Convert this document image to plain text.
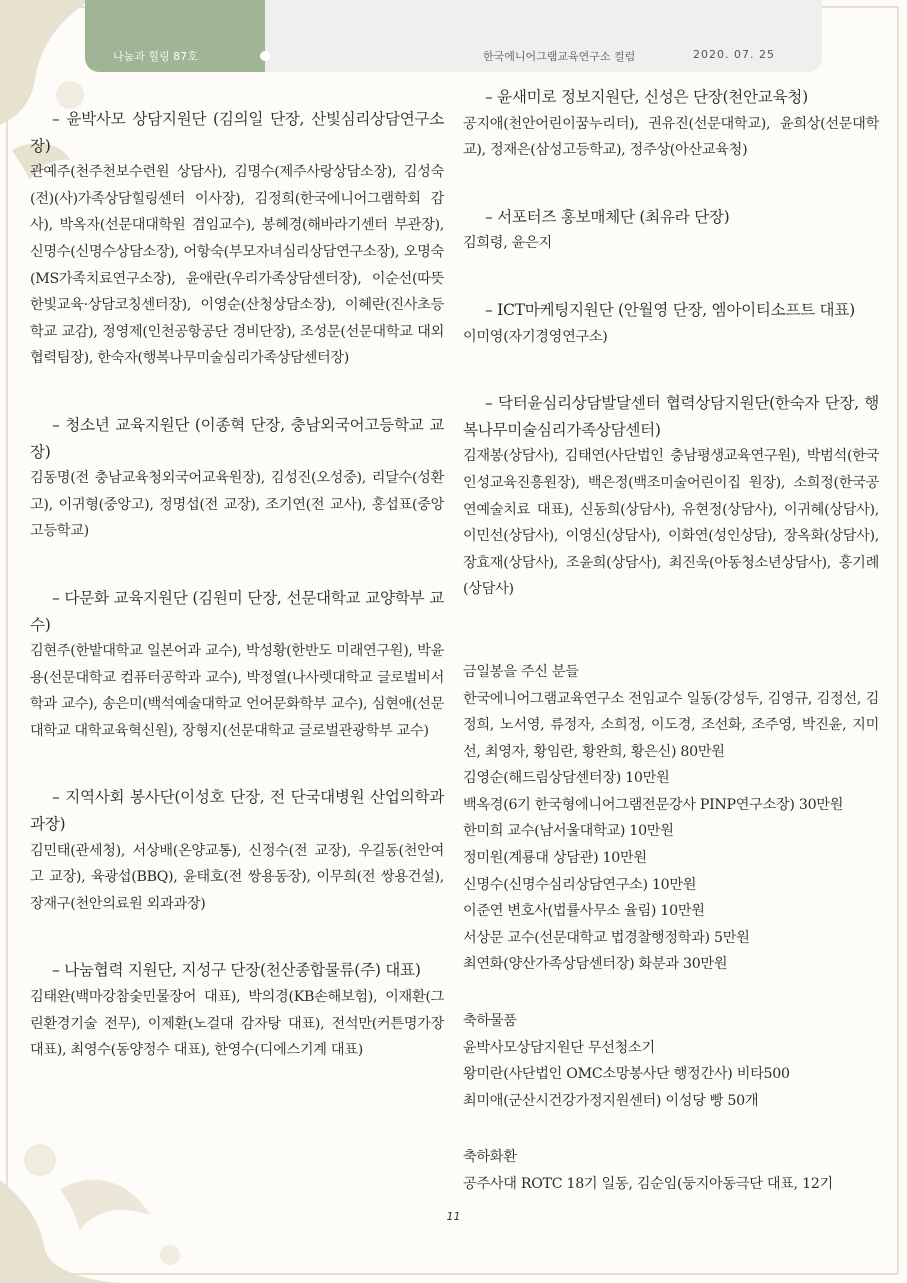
나눔과 힐링 87호	한국에니어그램교육연구소 컬럼	2020. 07. 25
– 윤박사모 상담지원단 (김의일 단장, 산빛심리상담연구소장)
관예주(천주천보수련원 상담사), 김명수(제주사랑상담소장), 김성숙(전)(사)가족상담힐링센터 이사장), 김정희(한국에니어그램학회 감사), 박옥자(선문대대학원 겸임교수), 봉혜경(해바라기센터 부관장), 신명수(신명수상담소장), 어항숙(부모자녀심리상담연구소장), 오명숙(MS가족치료연구소장), 윤애란(우리가족상담센터장), 이순선(따뜻한빛교육·상담코칭센터장), 이영순(산청상담소장), 이혜란(진사초등학교 교감), 정영제(인천공항공단 경비단장), 조성문(선문대학교 대외협력팀장), 한숙자(행복나무미술심리가족상담센터장)
– 청소년 교육지원단 (이종혁 단장, 충남외국어고등학교 교장)
김동명(전 충남교육청외국어교육원장), 김성진(오성중), 리달수(성환고), 이귀형(중앙고), 정명섭(전 교장), 조기연(전 교사), 홍섭표(중앙고등학교)
– 다문화 교육지원단 (김원미 단장, 선문대학교 교양학부 교수)
김현주(한밭대학교 일본어과 교수), 박성황(한반도 미래연구원), 박윤용(선문대학교 컴퓨터공학과 교수), 박정열(나사렛대학교 글로벌비서학과 교수), 송은미(백석예술대학교 언어문화학부 교수), 심현애(선문대학교 대학교육혁신원), 장형지(선문대학교 글로벌관광학부 교수)
– 지역사회 봉사단(이성호 단장, 전 단국대병원 산업의학과 과장)
김민태(관세청), 서상배(온양교통), 신정수(전 교장), 우길동(천안여고 교장), 육광섭(BBQ), 윤태호(전 쌍용동장), 이무희(전 쌍용건설), 장재구(천안의료원 외과과장)
– 나눔협력 지원단, 지성구 단장(천산종합물류(주) 대표)
김태완(백마강참숯민물장어 대표), 박의경(KB손해보험), 이재환(그린환경기술 전무), 이제환(노걸대 감자탕 대표), 전석만(커튼명가장 대표), 최영수(동양정수 대표), 한영수(디에스기계 대표)
– 윤새미로 정보지원단, 신성은 단장(천안교육청)
공지애(천안어린이꿈누리터), 권유진(선문대학교), 윤희상(선문대학교), 정재은(삼성고등학교), 정주상(아산교육청)
– 서포터즈 홍보매체단 (최유라 단장)
김희령, 윤은지
– ICT마케팅지원단 (안월영 단장, 엠아이티소프트 대표)
이미영(자기경영연구소)
– 닥터윤심리상담발달센터 협력상담지원단(한숙자 단장, 행복나무미술심리가족상담센터)
김재봉(상담사), 김태연(사단법인 충남평생교육연구원), 박범석(한국인성교육진흥원장), 백은정(백조미술어린이집 원장), 소희정(한국공연예술치료 대표), 신동희(상담사), 유현정(상담사), 이귀혜(상담사), 이민선(상담사), 이영신(상담사), 이화연(성인상담), 장옥화(상담사), 장효재(상담사), 조윤희(상담사), 최진욱(아동청소년상담사), 홍기례(상담사)
금일봉을 주신 분들
한국에니어그램교육연구소 전임교수 일동(강성두, 김영규, 김정선, 김정희, 노서영, 류정자, 소희정, 이도경, 조선화, 조주영, 박진윤, 지미선, 최영자, 황임란, 황완희, 황은신) 80만원
김영순(해드림상담센터장) 10만원
백옥경(6기 한국형에니어그램전문강사 PINP연구소장) 30만원
한미희 교수(남서울대학교) 10만원
정미원(계룡대 상담관) 10만원
신명수(신명수심리상담연구소) 10만원
이준연 변호사(법률사무소 율림) 10만원
서상문 교수(선문대학교 법경찰행정학과) 5만원
최연화(양산가족상담센터장) 화분과 30만원
축하물품
윤박사모상담지원단 무선청소기
왕미란(사단법인 OMC소망봉사단 행정간사) 비타500
최미애(군산시건강가정지원센터) 이성당 빵 50개
축하화환
공주사대 ROTC 18기 일동, 김순임(둥지아동극단 대표, 12기
11
